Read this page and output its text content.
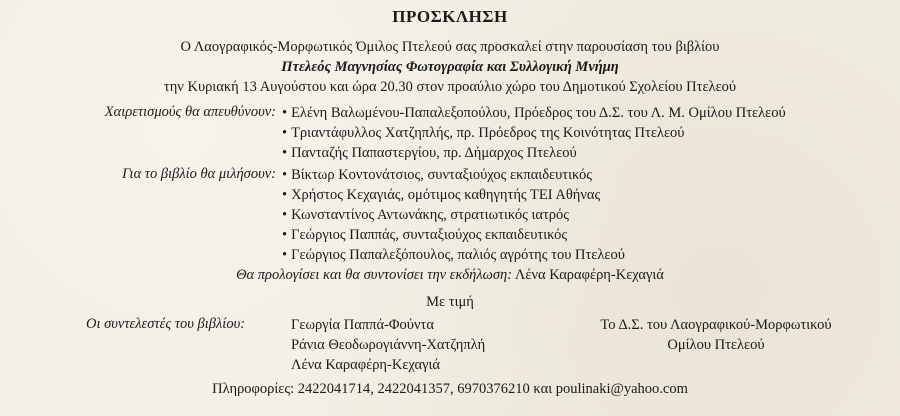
ΠΡΟΣΚΛΗΣΗ
Ο Λαογραφικός-Μορφωτικός Όμιλος Πτελεού σας προσκαλεί στην παρουσίαση του βιβλίου
Πτελεός Μαγνησίας Φωτογραφία και Συλλογική Μνήμη
την Κυριακή 13 Αυγούστου και ώρα 20.30 στον προαύλιο χώρο του Δημοτικού Σχολείου Πτελεού
Χαιρετισμούς θα απευθύνουν: • Ελένη Βαλωμένου-Παπαλεξοπούλου, Πρόεδρος του Δ.Σ. του Λ. Μ. Ομίλου Πτελεού
• Τριαντάφυλλος Χατζηπλής, πρ. Πρόεδρος της Κοινότητας Πτελεού
• Πανταζής Παπαστεργίου, πρ. Δήμαρχος Πτελεού
Για το βιβλίο θα μιλήσουν: • Βίκτωρ Κοντονάτσιος, συνταξιούχος εκπαιδευτικός
• Χρήστος Κεχαγιάς, ομότιμος καθηγητής ΤΕΙ Αθήνας
• Κωνσταντίνος Αντωνάκης, στρατιωτικός ιατρός
• Γεώργιος Παππάς, συνταξιούχος εκπαιδευτικός
• Γεώργιος Παπαλεξόπουλος, παλιός αγρότης του Πτελεού
Θα προλογίσει και θα συντονίσει την εκδήλωση: Λένα Καραφέρη-Κεχαγιά
Με τιμή
Οι συντελεστές του βιβλίου:	Γεωργία Παππά-Φούντα
Ράνια Θεοδωρογιάννη-Χατζηπλή
Λένα Καραφέρη-Κεχαγιά
Το Δ.Σ. του Λαογραφικού-Μορφωτικού
Ομίλου Πτελεού
Πληροφορίες: 2422041714, 2422041357, 6970376210 και poulinaki@yahoo.com
